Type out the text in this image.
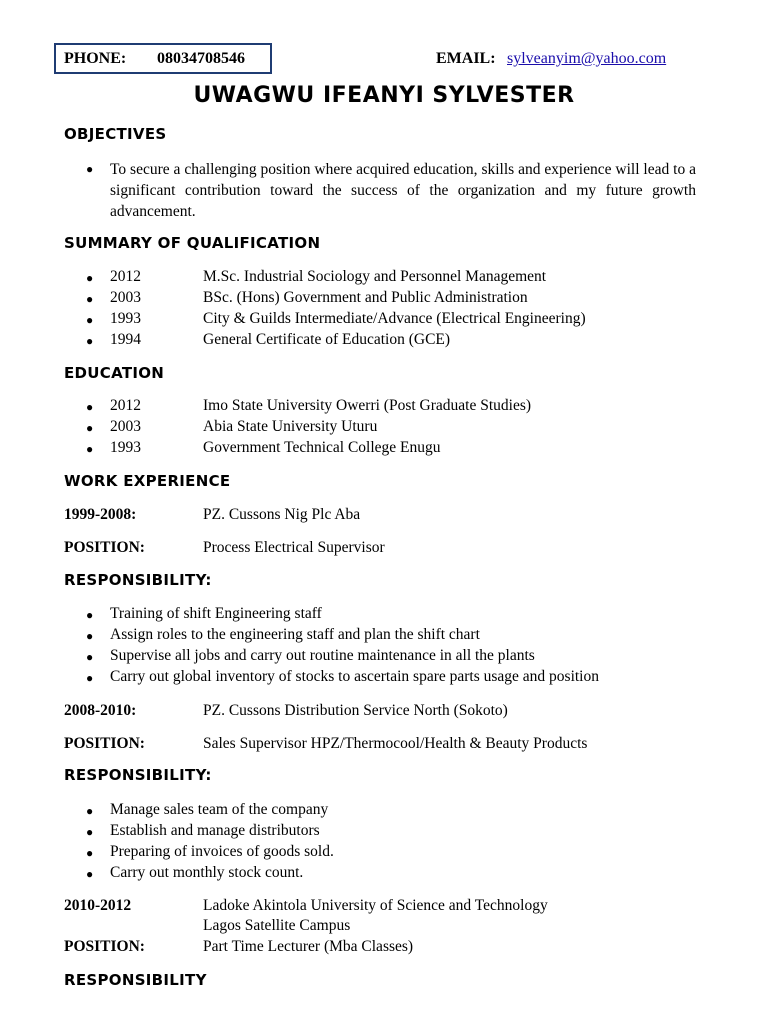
PHONE: 08034708546	EMAIL: sylveanyim@yahoo.com
UWAGWU IFEANYI SYLVESTER
OBJECTIVES
● To secure a challenging position where acquired education, skills and experience will lead to a significant contribution toward the success of the organization and my future growth advancement.
SUMMARY OF QUALIFICATION
● 2012	M.Sc. Industrial Sociology and Personnel Management
● 2003	BSc. (Hons) Government and Public Administration
● 1993	City & Guilds Intermediate/Advance (Electrical Engineering)
● 1994	General Certificate of Education (GCE)
EDUCATION
● 2012	Imo State University Owerri (Post Graduate Studies)
● 2003	Abia State University Uturu
● 1993	Government Technical College Enugu
WORK EXPERIENCE
1999-2008:	PZ. Cussons Nig Plc Aba
POSITION:	Process Electrical Supervisor
RESPONSIBILITY:
● Training of shift Engineering staff
● Assign roles to the engineering staff and plan the shift chart
● Supervise all jobs and carry out routine maintenance in all the plants
● Carry out global inventory of stocks to ascertain spare parts usage and position
2008-2010:	PZ. Cussons Distribution Service North (Sokoto)
POSITION:	Sales Supervisor HPZ/Thermocool/Health & Beauty Products
RESPONSIBILITY:
● Manage sales team of the company
● Establish and manage distributors
● Preparing of invoices of goods sold.
● Carry out monthly stock count.
2010-2012	Ladoke Akintola University of Science and Technology
Lagos Satellite Campus
POSITION:	Part Time Lecturer (Mba Classes)
RESPONSIBILITY
